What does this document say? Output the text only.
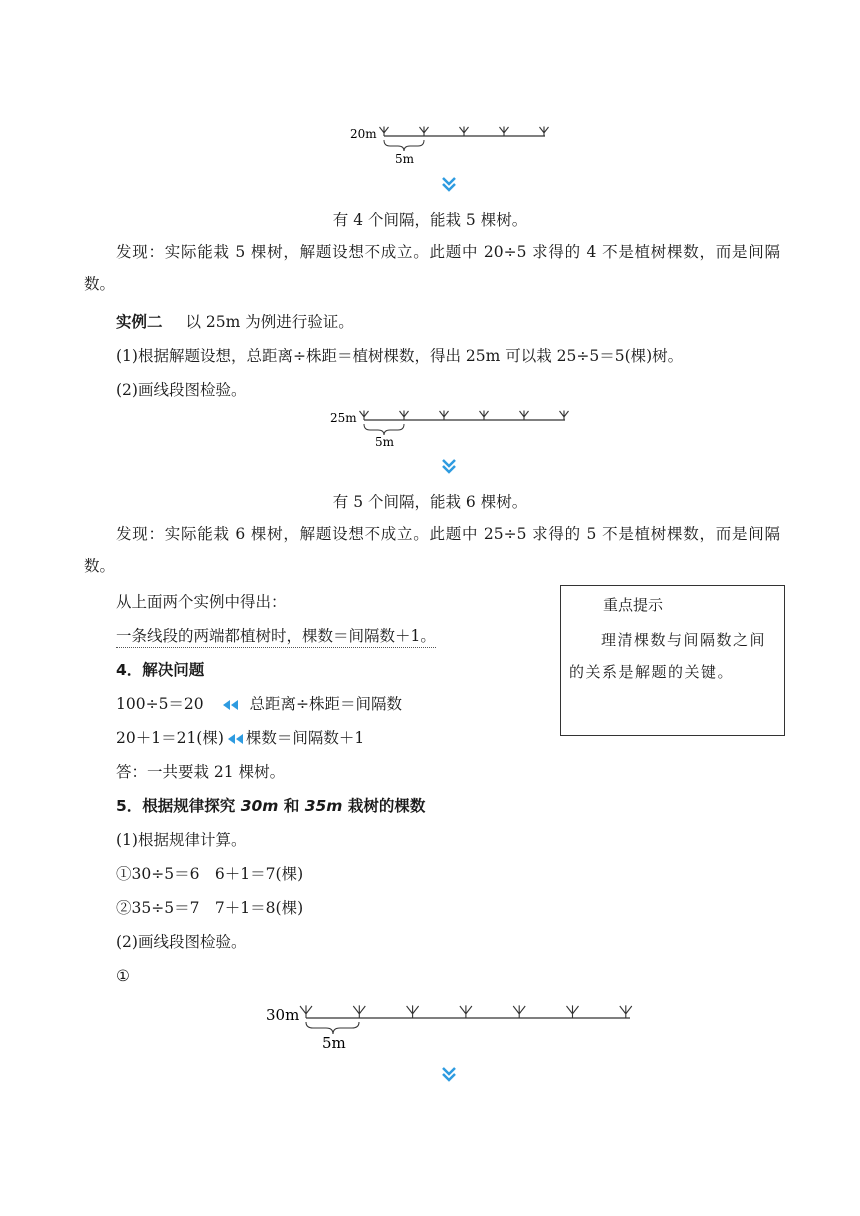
20m
5m
有 4 个间隔，能栽 5 棵树。
发现：实际能栽 5 棵树，解题设想不成立。此题中 20÷5 求得的 4 不是植树棵数，而是间隔数。
实例二 以 25m 为例进行验证。
(1)根据解题设想，总距离÷株距＝植树棵数，得出 25m 可以栽 25÷5＝5(棵)树。
(2)画线段图检验。
25m
5m
有 5 个间隔，能栽 6 棵树。
发现：实际能栽 6 棵树，解题设想不成立。此题中 25÷5 求得的 5 不是植树棵数，而是间隔数。
从上面两个实例中得出：
一条线段的两端都植树时，棵数＝间隔数＋1。
重点提示
理清棵数与间隔数之间的关系是解题的关键。
4．解决问题
100÷5＝20	总距离÷株距＝间隔数
20＋1＝21(棵) 棵数＝间隔数＋1
答：一共要栽 21 棵树。
5．根据规律探究 30m 和 35m 栽树的棵数
(1)根据规律计算。
①30÷5＝6　6＋1＝7(棵)
②35÷5＝7　7＋1＝8(棵)
(2)画线段图检验。
①
30m
5m
